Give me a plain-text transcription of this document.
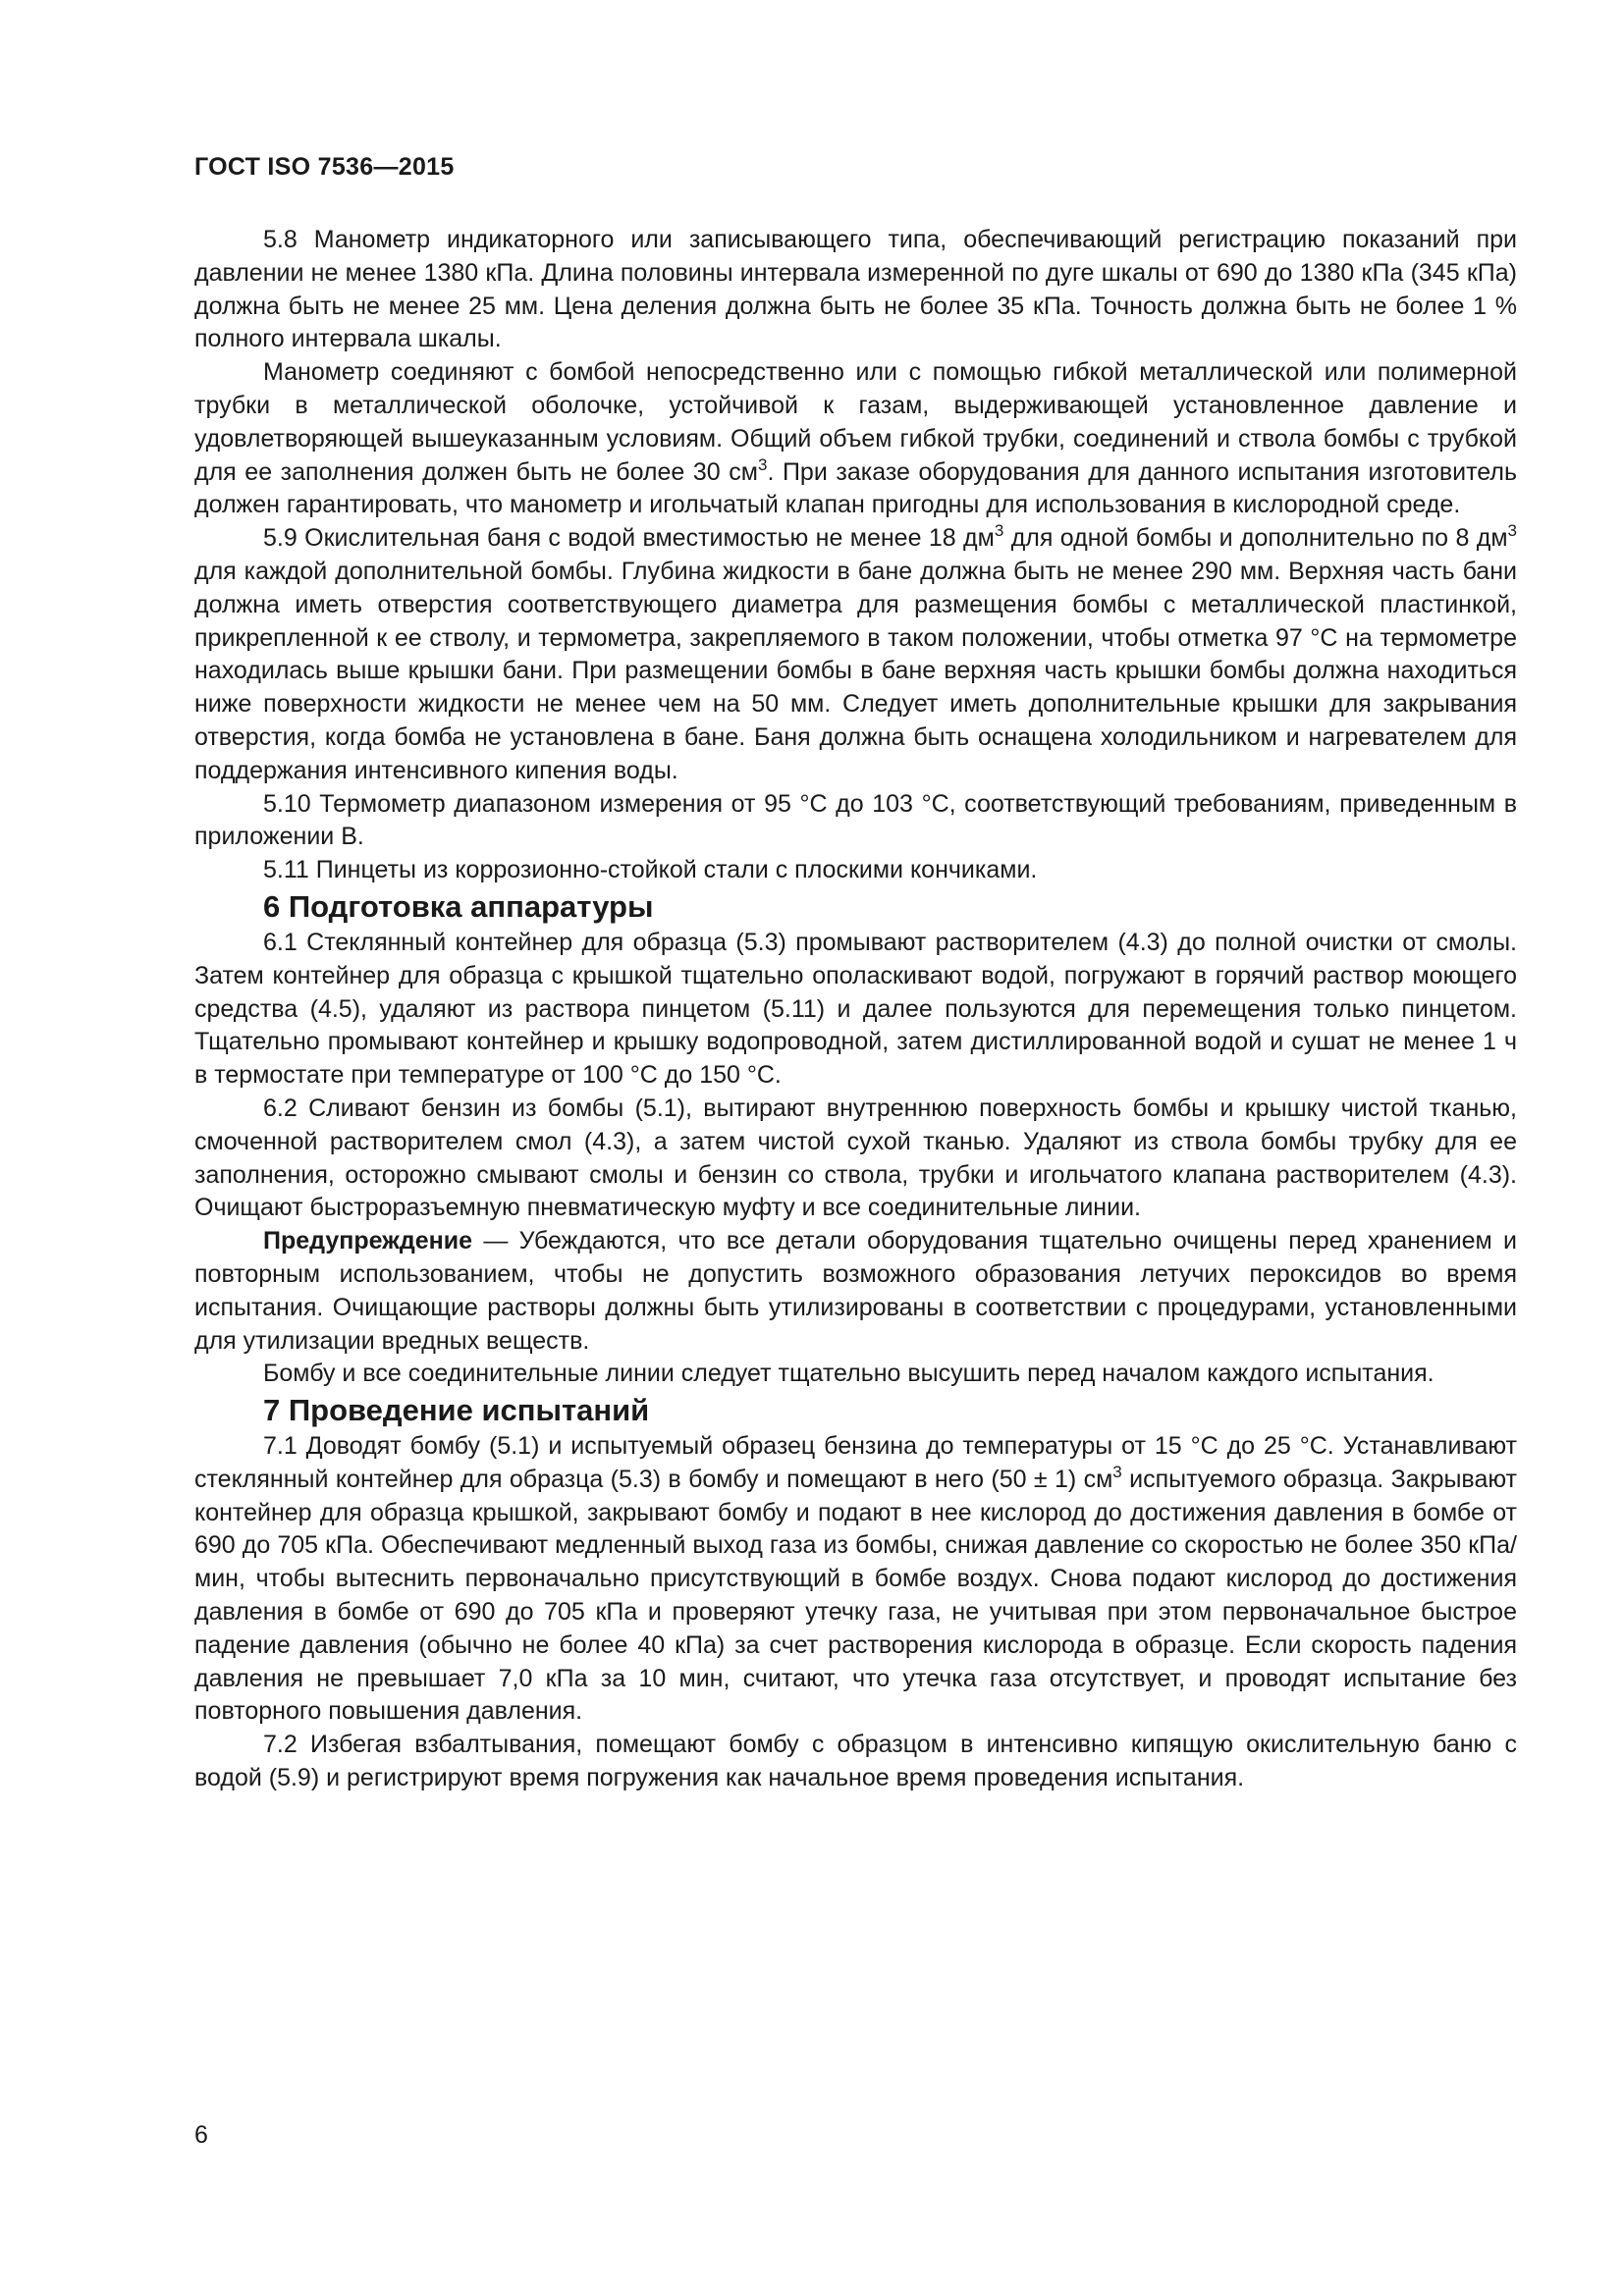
ГОСТ ISO 7536—2015

5.8 Манометр индикаторного или записывающего типа, обеспечивающий регистрацию показаний при давлении не менее 1380 кПа. Длина половины интервала измеренной по дуге шкалы от 690 до 1380 кПа (345 кПа) должна быть не менее 25 мм. Цена деления должна быть не более 35 кПа. Точность должна быть не более 1 % полного интервала шкалы.

Манометр соединяют с бомбой непосредственно или с помощью гибкой металлической или полимерной трубки в металлической оболочке, устойчивой к газам, выдерживающей установленное давление и удовлетворяющей вышеуказанным условиям. Общий объем гибкой трубки, соединений и ствола бомбы с трубкой для ее заполнения должен быть не более 30 $см^3$. При заказе оборудования для данного испытания изготовитель должен гарантировать, что манометр и игольчатый клапан пригодны для использования в кислородной среде.

5.9 Окислительная баня с водой вместимостью не менее 18 $дм^3$ для одной бомбы и дополнительно по 8 $дм^3$ для каждой дополнительной бомбы. Глубина жидкости в бане должна быть не менее 290 мм. Верхняя часть бани должна иметь отверстия соответствующего диаметра для размещения бомбы с металлической пластинкой, прикрепленной к ее стволу, и термометра, закрепляемого в таком положении, чтобы отметка 97 °C на термометре находилась выше крышки бани. При размещении бомбы в бане верхняя часть крышки бомбы должна находиться ниже поверхности жидкости не менее чем на 50 мм. Следует иметь дополнительные крышки для закрывания отверстия, когда бомба не установлена в бане. Баня должна быть оснащена холодильником и нагревателем для поддержания интенсивного кипения воды.

5.10 Термометр диапазоном измерения от 95 °C до 103 °C, соответствующий требованиям, приведенным в приложении В.

5.11 Пинцеты из коррозионно-стойкой стали с плоскими кончиками.

6 Подготовка аппаратуры

6.1 Стеклянный контейнер для образца (5.3) промывают растворителем (4.3) до полной очистки от смолы. Затем контейнер для образца с крышкой тщательно ополаскивают водой, погружают в горячий раствор моющего средства (4.5), удаляют из раствора пинцетом (5.11) и далее пользуются для перемещения только пинцетом. Тщательно промывают контейнер и крышку водопроводной, затем дистиллированной водой и сушат не менее 1 ч в термостате при температуре от 100 °C до 150 °C.

6.2 Сливают бензин из бомбы (5.1), вытирают внутреннюю поверхность бомбы и крышку чистой тканью, смоченной растворителем смол (4.3), а затем чистой сухой тканью. Удаляют из ствола бомбы трубку для ее заполнения, осторожно смывают смолы и бензин со ствола, трубки и игольчатого клапана растворителем (4.3). Очищают быстроразъемную пневматическую муфту и все соединительные линии.

Предупреждение — Убеждаются, что все детали оборудования тщательно очищены перед хранением и повторным использованием, чтобы не допустить возможного образования летучих пероксидов во время испытания. Очищающие растворы должны быть утилизированы в соответствии с процедурами, установленными для утилизации вредных веществ.

Бомбу и все соединительные линии следует тщательно высушить перед началом каждого испытания.

7 Проведение испытаний

7.1 Доводят бомбу (5.1) и испытуемый образец бензина до температуры от 15 °C до 25 °C. Устанавливают стеклянный контейнер для образца (5.3) в бомбу и помещают в него (50 ± 1) $см^3$ испытуемого образца. Закрывают контейнер для образца крышкой, закрывают бомбу и подают в нее кислород до достижения давления в бомбе от 690 до 705 кПа. Обеспечивают медленный выход газа из бомбы, снижая давление со скоростью не более 350 кПа/мин, чтобы вытеснить первоначально присутствующий в бомбе воздух. Снова подают кислород до достижения давления в бомбе от 690 до 705 кПа и проверяют утечку газа, не учитывая при этом первоначальное быстрое падение давления (обычно не более 40 кПа) за счет растворения кислорода в образце. Если скорость падения давления не превышает 7,0 кПа за 10 мин, считают, что утечка газа отсутствует, и проводят испытание без повторного повышения давления.

7.2 Избегая взбалтывания, помещают бомбу с образцом в интенсивно кипящую окислительную баню с водой (5.9) и регистрируют время погружения как начальное время проведения испытания.

6
